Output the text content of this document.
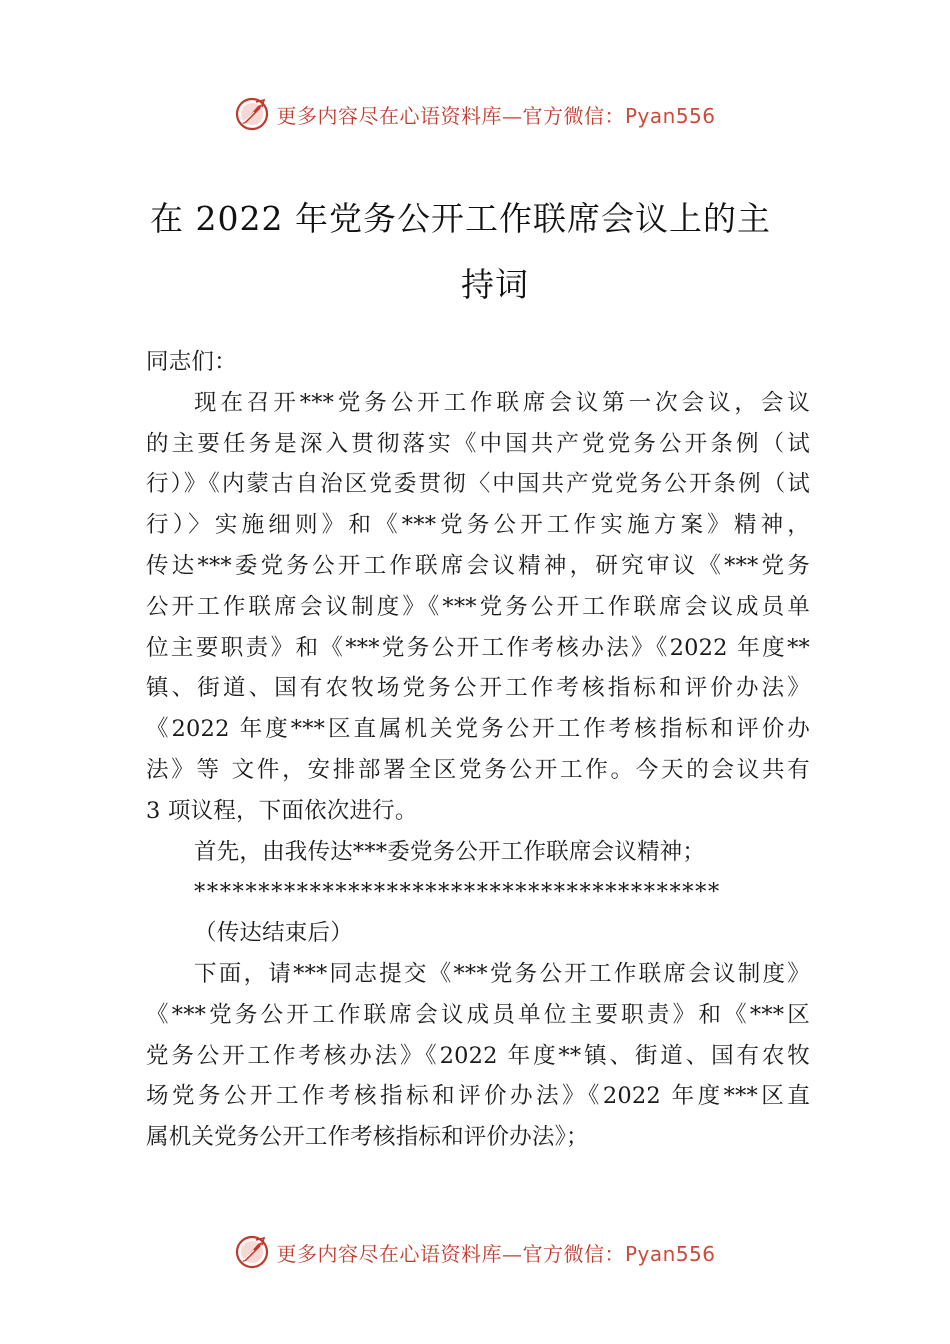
更多内容尽在心语资料库—官方微信：Pyan556
在 2022 年党务公开工作联席会议上的主
持词
同志们：
现在召开***党务公开工作联席会议第一次会议，会议
的主要任务是深入贯彻落实《中国共产党党务公开条例（试
行）》《内蒙古自治区党委贯彻〈中国共产党党务公开条例（试
行）〉实施细则》和《***党务公开工作实施方案》精神，
传达***委党务公开工作联席会议精神，研究审议《***党务
公开工作联席会议制度》《***党务公开工作联席会议成员单
位主要职责》和《***党务公开工作考核办法》《2022 年度**
镇、街道、国有农牧场党务公开工作考核指标和评价办法》
《2022 年度***区直属机关党务公开工作考核指标和评价办
法》等 文件，安排部署全区党务公开工作。今天的会议共有
3 项议程，下面依次进行。
首先，由我传达***委党务公开工作联席会议精神；
*****************************************
（传达结束后）
下面，请***同志提交《***党务公开工作联席会议制度》
《***党务公开工作联席会议成员单位主要职责》和《***区
党务公开工作考核办法》《2022 年度**镇、街道、国有农牧
场党务公开工作考核指标和评价办法》《2022 年度***区直
属机关党务公开工作考核指标和评价办法》；
更多内容尽在心语资料库—官方微信：Pyan556
